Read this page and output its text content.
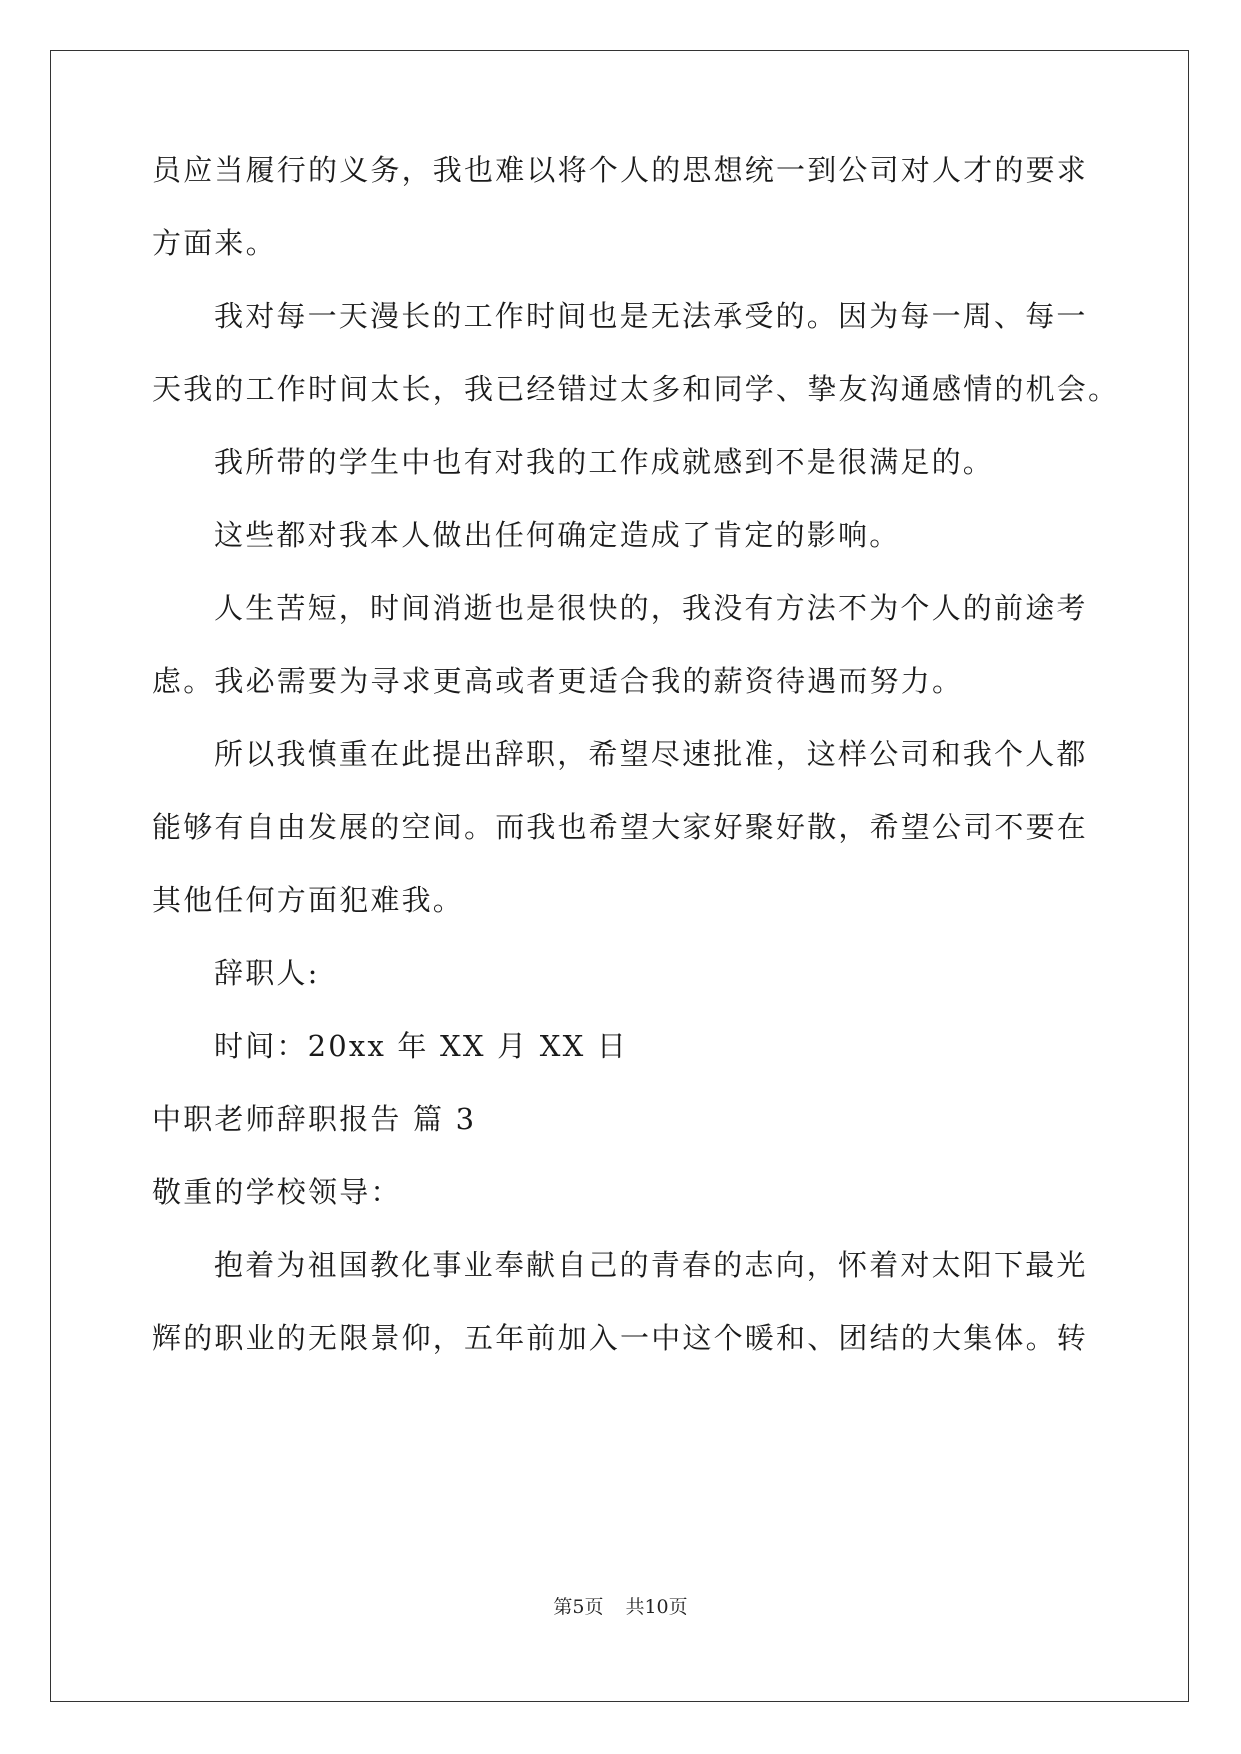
员应当履行的义务，我也难以将个人的思想统一到公司对人才的要求
方面来。
我对每一天漫长的工作时间也是无法承受的。因为每一周、每一
天我的工作时间太长，我已经错过太多和同学、挚友沟通感情的机会。
我所带的学生中也有对我的工作成就感到不是很满足的。
这些都对我本人做出任何确定造成了肯定的影响。
人生苦短，时间消逝也是很快的，我没有方法不为个人的前途考
虑。我必需要为寻求更高或者更适合我的薪资待遇而努力。
所以我慎重在此提出辞职，希望尽速批准，这样公司和我个人都
能够有自由发展的空间。而我也希望大家好聚好散，希望公司不要在
其他任何方面犯难我。
辞职人:
时间：20xx 年 XX 月 XX 日
中职老师辞职报告 篇 3
敬重的学校领导：
抱着为祖国教化事业奉献自己的青春的志向，怀着对太阳下最光
辉的职业的无限景仰，五年前加入一中这个暖和、团结的大集体。转
第5页 共10页
